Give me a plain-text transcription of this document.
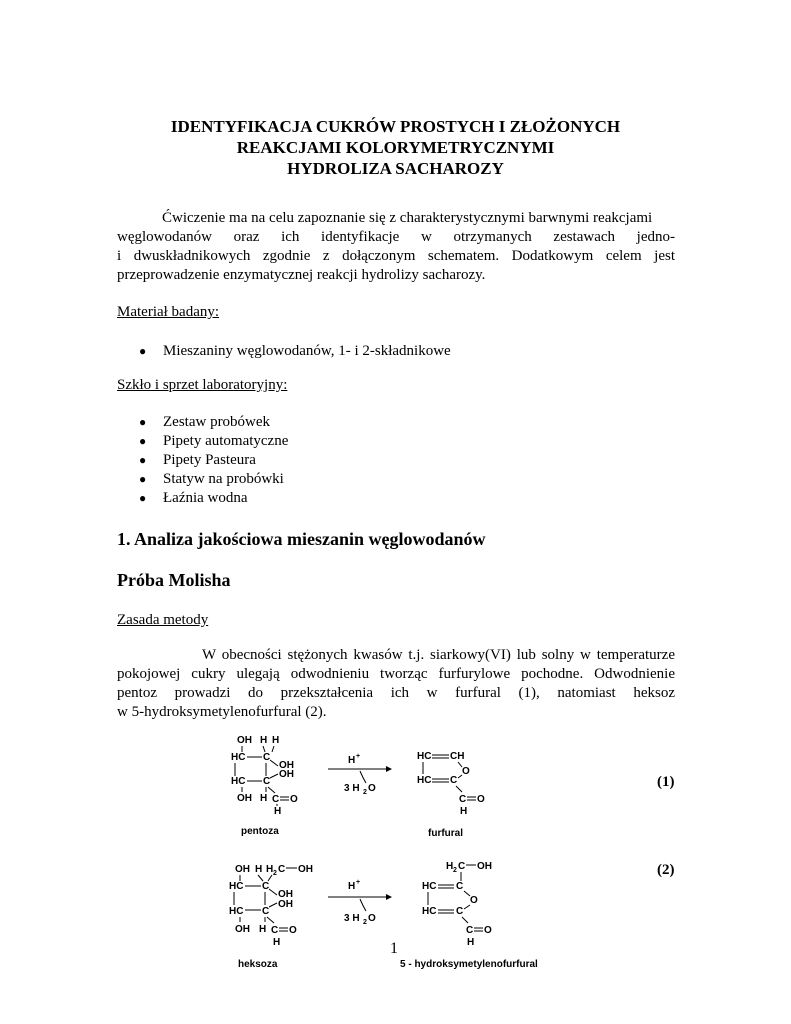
IDENTYFIKACJA CUKRÓW PROSTYCH I ZŁOŻONYCH
REAKCJAMI KOLORYMETRYCZNYMI
HYDROLIZA SACHAROZY
Ćwiczenie ma na celu zapoznanie się z charakterystycznymi barwnymi reakcjami
węglowodanów oraz ich identyfikacje w otrzymanych zestawach jedno-
i dwuskładnikowych zgodnie z dołączonym schematem. Dodatkowym celem jest
przeprowadzenie enzymatycznej reakcji hydrolizy sacharozy.
Materiał badany:
● Mieszaniny węglowodanów, 1- i 2-składnikowe
Szkło i sprzet laboratoryjny:
● Zestaw probówek
● Pipety automatyczne
● Pipety Pasteura
● Statyw na probówki
● Łaźnia wodna
1. Analiza jakościowa mieszanin węglowodanów
Próba Molisha
Zasada metody
W obecności stężonych kwasów t.j. siarkowy(VI) lub solny w temperaturze
pokojowej cukry ulegają odwodnieniu tworząc furfurylowe pochodne. Odwodnienie
pentoz prowadzi do przekształcenia ich w furfural (1), natomiast heksoz
w 5-hydroksymetylenofurfural (2).
OH H H
HC C
OH
HC C
OH
OH H C O
H
H +
3 H 2 O
HC CH
O
HC C
C O
H
pentoza	furfural
(1)
OH H H 2 C OH
HC C
OH
HC C
OH
OH H C O
H
H +
3 H 2 O
H 2 C OH
HC C
O
HC C
C O
H
heksoza	5 - hydroksymetylenofurfural
(2)
1
